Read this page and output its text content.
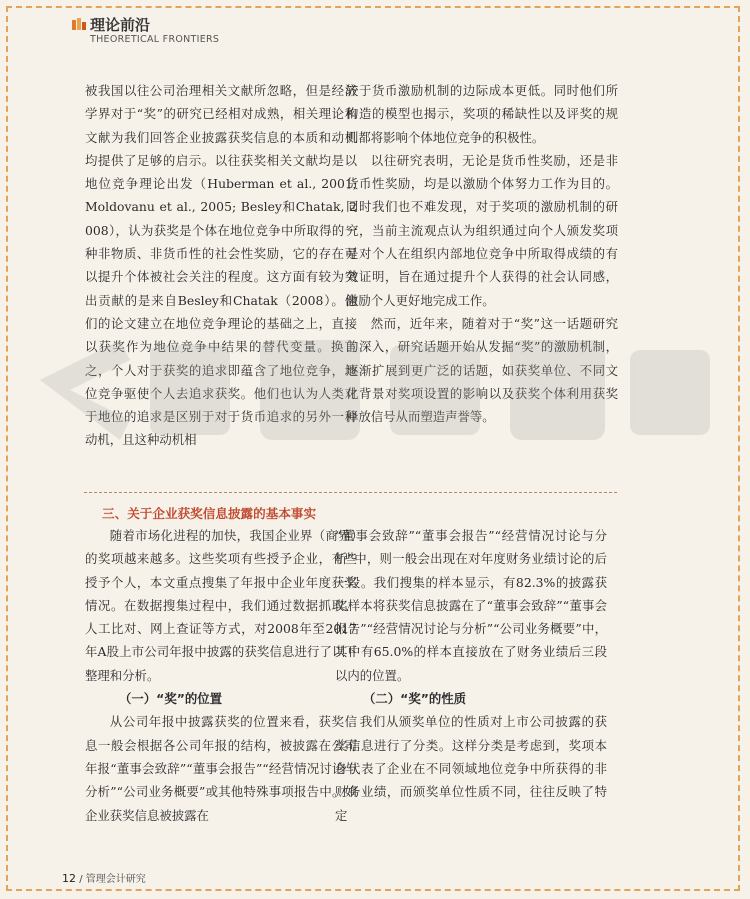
理论前沿
THEORETICAL FRONTIERS

被我国以往公司治理相关文献所忽略，但是经济学界对于“奖”的研究已经相对成熟，相关理论和文献为我们回答企业披露获奖信息的本质和动机均提供了足够的启示。以往获奖相关文献均是以地位竞争理论出发（Huberman et al., 2001; Moldovanu et al., 2005; Besley和Chatak, 2008），认为获奖是个体在地位竞争中所取得的一种非物质、非货币性的社会性奖励，它的存在可以提升个体被社会关注的程度。这方面有较为突出贡献的是来自Besley和Chatak（2008）。他们的论文建立在地位竞争理论的基础之上，直接以获奖作为地位竞争中结果的替代变量。换言之，个人对于获奖的追求即蕴含了地位竞争，地位竞争驱使个人去追求获奖。他们也认为人类对于地位的追求是区别于对于货币追求的另外一种动机，且这种动机相

较于货币激励机制的边际成本更低。同时他们所构造的模型也揭示，奖项的稀缺性以及评奖的规则都将影响个体地位竞争的积极性。

以往研究表明，无论是货币性奖励，还是非货币性奖励，均是以激励个体努力工作为目的。同时我们也不难发现，对于奖项的激励机制的研究，当前主流观点认为组织通过向个人颁发奖项是对个人在组织内部地位竞争中所取得成绩的有效证明，旨在通过提升个人获得的社会认同感，激励个人更好地完成工作。

然而，近年来，随着对于“奖”这一话题研究的深入，研究话题开始从发掘“奖”的激励机制，逐渐扩展到更广泛的话题，如获奖单位、不同文化背景对奖项设置的影响以及获奖个体利用获奖释放信号从而塑造声誉等。

三、关于企业获奖信息披露的基本事实

随着市场化进程的加快，我国企业界（商界）的奖项越来越多。这些奖项有些授予企业，有些授予个人，本文重点搜集了年报中企业年度获奖情况。在数据搜集过程中，我们通过数据抓取、人工比对、网上查证等方式，对2008年至2017年A股上市公司年报中披露的获奖信息进行了以下整理和分析。

（一）“奖”的位置

从公司年报中披露获奖的位置来看，获奖信息一般会根据各公司年报的结构，被披露在公司年报“董事会致辞”“董事会报告”“经营情况讨论与分析”“公司业务概要”或其他特殊事项报告中。如企业获奖信息被披露在

“董事会致辞”“董事会报告”“经营情况讨论与分析”中，则一般会出现在对年度财务业绩讨论的后一段。我们搜集的样本显示，有82.3%的披露获奖样本将获奖信息披露在了“董事会致辞”“董事会报告”“经营情况讨论与分析”“公司业务概要”中，其中有65.0%的样本直接放在了财务业绩后三段以内的位置。

（二）“奖”的性质

我们从颁奖单位的性质对上市公司披露的获奖信息进行了分类。这样分类是考虑到，奖项本身代表了企业在不同领域地位竞争中所获得的非财务业绩，而颁奖单位性质不同，往往反映了特定

12 / 管理会计研究
